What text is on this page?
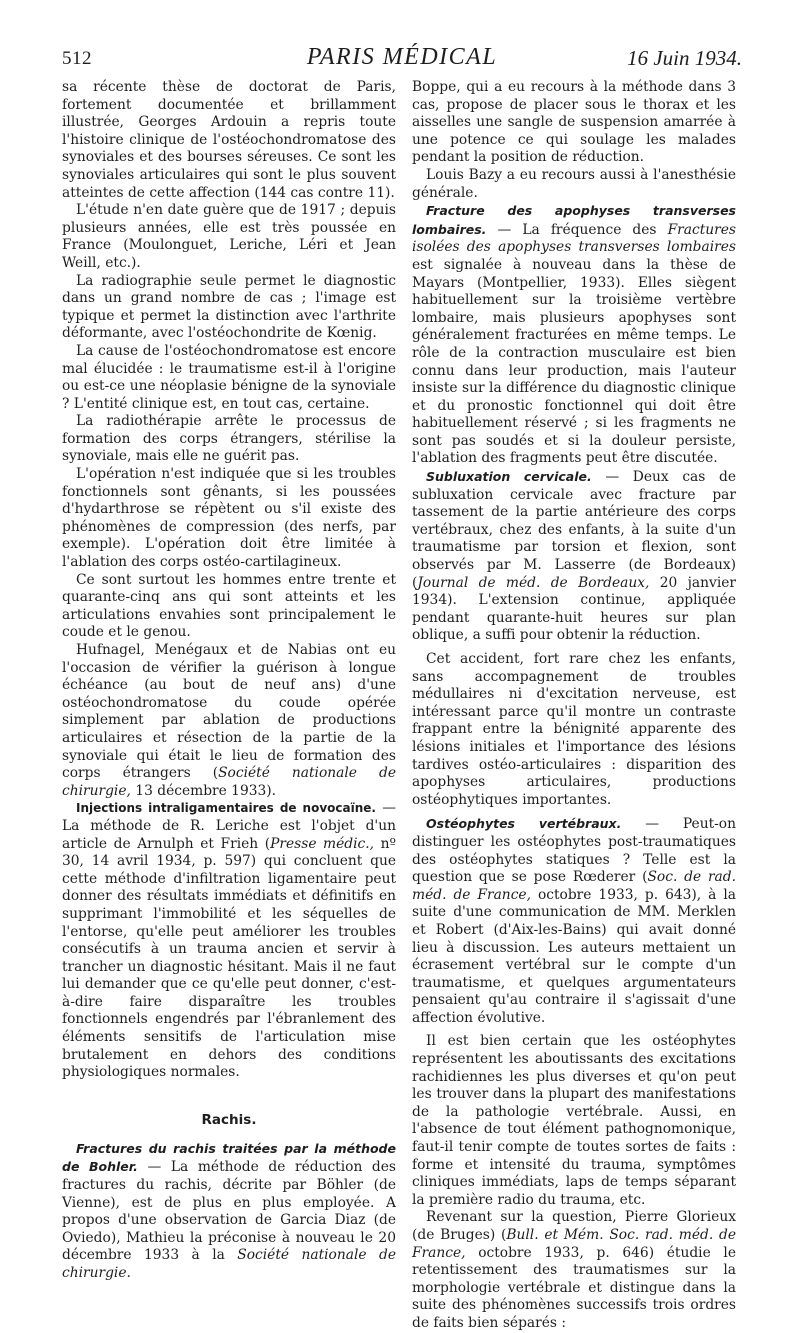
512	PARIS MÉDICAL	16 Juin 1934.

sa récente thèse de doctorat de Paris, fortement documentée et brillamment illustrée, Georges Ardouin a repris toute l'histoire clinique de l'ostéochondromatose des synoviales et des bourses séreuses. Ce sont les synoviales articulaires qui sont le plus souvent atteintes de cette affection (144 cas contre 11).

L'étude n'en date guère que de 1917 ; depuis plusieurs années, elle est très poussée en France (Moulonguet, Leriche, Léri et Jean Weill, etc.).

La radiographie seule permet le diagnostic dans un grand nombre de cas ; l'image est typique et permet la distinction avec l'arthrite déformante, avec l'ostéochondrite de Kœnig.

La cause de l'ostéochondromatose est encore mal élucidée : le traumatisme est-il à l'origine ou est-ce une néoplasie bénigne de la synoviale ? L'entité clinique est, en tout cas, certaine.

La radiothérapie arrête le processus de formation des corps étrangers, stérilise la synoviale, mais elle ne guérit pas.

L'opération n'est indiquée que si les troubles fonctionnels sont gênants, si les poussées d'hydarthrose se répètent ou s'il existe des phénomènes de compression (des nerfs, par exemple). L'opération doit être limitée à l'ablation des corps ostéo-cartilagineux.

Ce sont surtout les hommes entre trente et quarante-cinq ans qui sont atteints et les articulations envahies sont principalement le coude et le genou.

Hufnagel, Menégaux et de Nabias ont eu l'occasion de vérifier la guérison à longue échéance (au bout de neuf ans) d'une ostéochondromatose du coude opérée simplement par ablation de productions articulaires et résection de la partie de la synoviale qui était le lieu de formation des corps étrangers (Société nationale de chirurgie, 13 décembre 1933).

Injections intraligamentaires de novocaïne. — La méthode de R. Leriche est l'objet d'un article de Arnulph et Frieh (Presse médic., nº 30, 14 avril 1934, p. 597) qui concluent que cette méthode d'infiltration ligamentaire peut donner des résultats immédiats et définitifs en supprimant l'immobilité et les séquelles de l'entorse, qu'elle peut améliorer les troubles consécutifs à un trauma ancien et servir à trancher un diagnostic hésitant. Mais il ne faut lui demander que ce qu'elle peut donner, c'est-à-dire faire disparaître les troubles fonctionnels engendrés par l'ébranlement des éléments sensitifs de l'articulation mise brutalement en dehors des conditions physiologiques normales.

Rachis.

Fractures du rachis traitées par la méthode de Bohler. — La méthode de réduction des fractures du rachis, décrite par Böhler (de Vienne), est de plus en plus employée. A propos d'une observation de Garcia Diaz (de Oviedo), Mathieu la préconise à nouveau le 20 décembre 1933 à la Société nationale de chirurgie.

Boppe, qui a eu recours à la méthode dans 3 cas, propose de placer sous le thorax et les aisselles une sangle de suspension amarrée à une potence ce qui soulage les malades pendant la position de réduction.

Louis Bazy a eu recours aussi à l'anesthésie générale.

Fracture des apophyses transverses lombaires. — La fréquence des Fractures isolées des apophyses transverses lombaires est signalée à nouveau dans la thèse de Mayars (Montpellier, 1933). Elles siègent habituellement sur la troisième vertèbre lombaire, mais plusieurs apophyses sont généralement fracturées en même temps. Le rôle de la contraction musculaire est bien connu dans leur production, mais l'auteur insiste sur la différence du diagnostic clinique et du pronostic fonctionnel qui doit être habituellement réservé ; si les fragments ne sont pas soudés et si la douleur persiste, l'ablation des fragments peut être discutée.

Subluxation cervicale. — Deux cas de subluxation cervicale avec fracture par tassement de la partie antérieure des corps vertébraux, chez des enfants, à la suite d'un traumatisme par torsion et flexion, sont observés par M. Lasserre (de Bordeaux) (Journal de méd. de Bordeaux, 20 janvier 1934). L'extension continue, appliquée pendant quarante-huit heures sur plan oblique, a suffi pour obtenir la réduction.

Cet accident, fort rare chez les enfants, sans accompagnement de troubles médullaires ni d'excitation nerveuse, est intéressant parce qu'il montre un contraste frappant entre la bénignité apparente des lésions initiales et l'importance des lésions tardives ostéo-articulaires : disparition des apophyses articulaires, productions ostéophytiques importantes.

Ostéophytes vertébraux. — Peut-on distinguer les ostéophytes post-traumatiques des ostéophytes statiques ? Telle est la question que se pose Rœderer (Soc. de rad. méd. de France, octobre 1933, p. 643), à la suite d'une communication de MM. Merklen et Robert (d'Aix-les-Bains) qui avait donné lieu à discussion. Les auteurs mettaient un écrasement vertébral sur le compte d'un traumatisme, et quelques argumentateurs pensaient qu'au contraire il s'agissait d'une affection évolutive.

Il est bien certain que les ostéophytes représentent les aboutissants des excitations rachidiennes les plus diverses et qu'on peut les trouver dans la plupart des manifestations de la pathologie vertébrale. Aussi, en l'absence de tout élément pathognomonique, faut-il tenir compte de toutes sortes de faits : forme et intensité du trauma, symptômes cliniques immédiats, laps de temps séparant la première radio du trauma, etc.

Revenant sur la question, Pierre Glorieux (de Bruges) (Bull. et Mém. Soc. rad. méd. de France, octobre 1933, p. 646) étudie le retentissement des traumatismes sur la morphologie vertébrale et distingue dans la suite des phénomènes successifs trois ordres de faits bien séparés :
